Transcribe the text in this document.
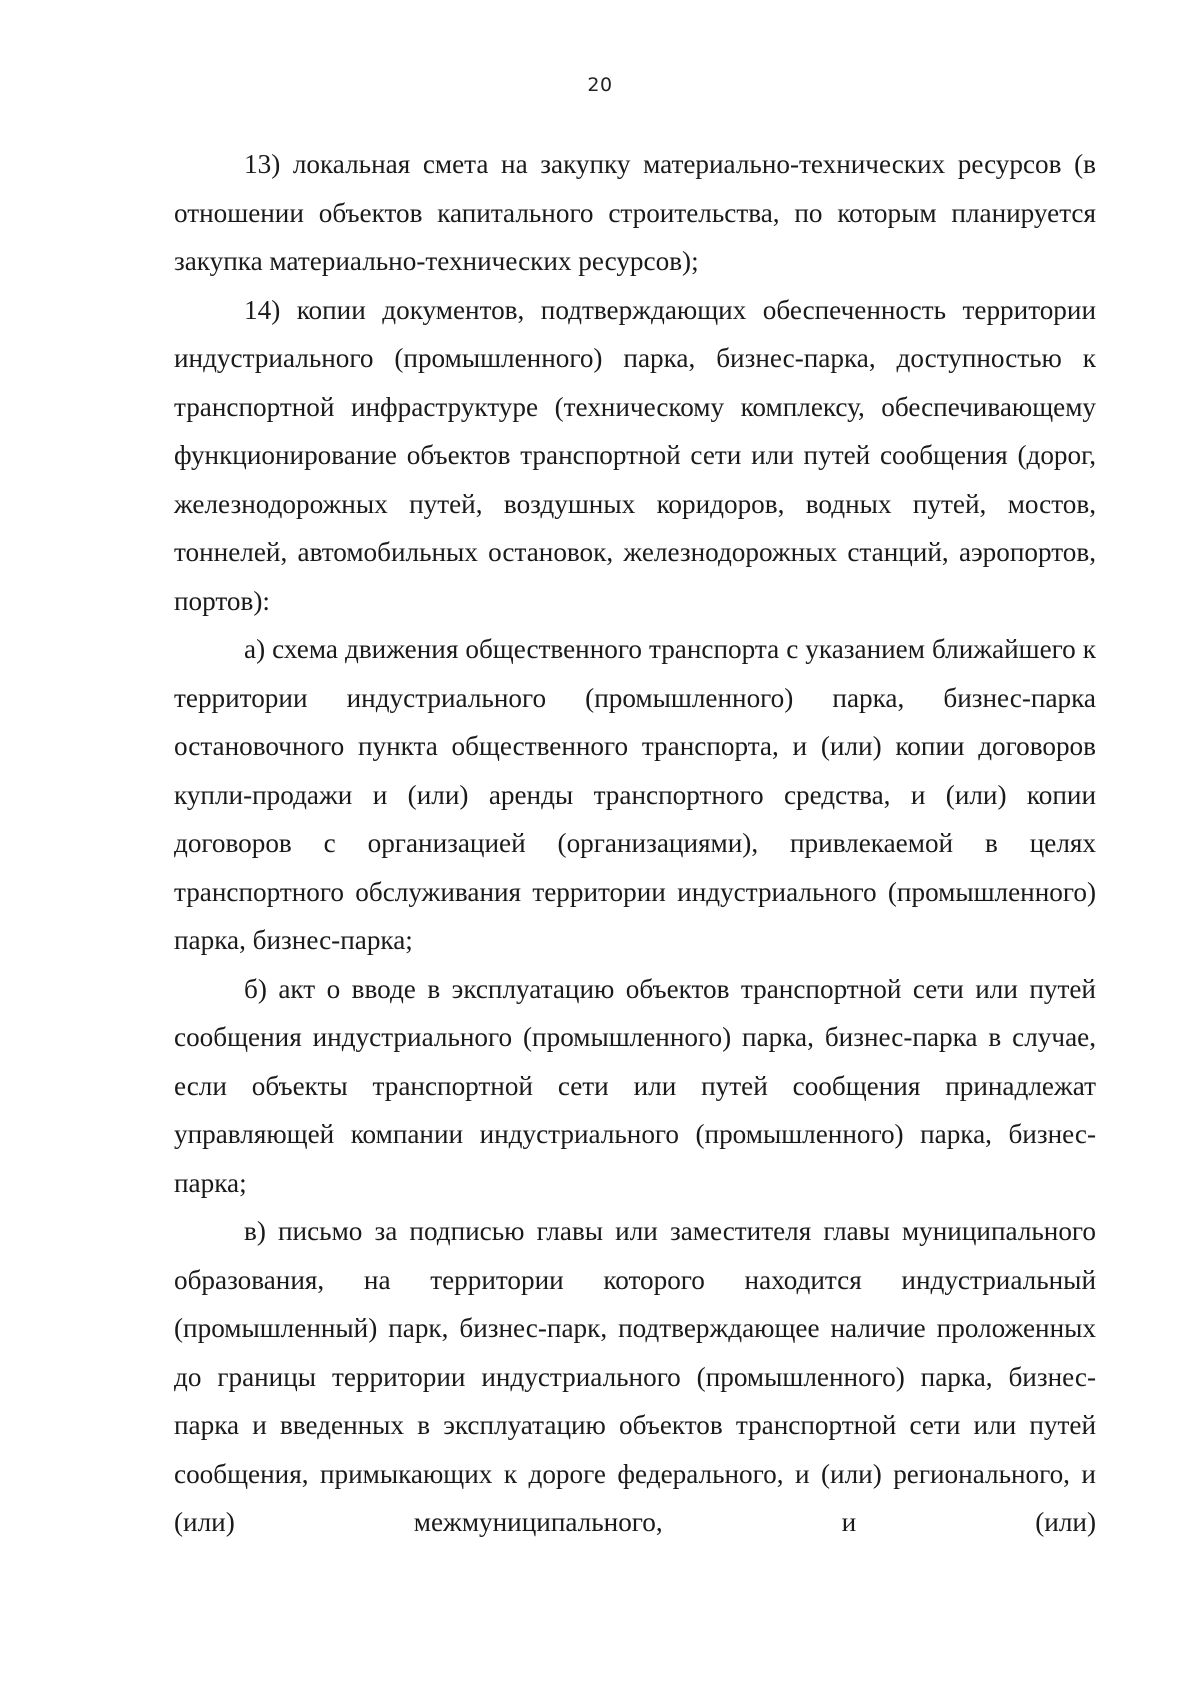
20

13) локальная смета на закупку материально-технических ресурсов (в отношении объектов капитального строительства, по которым планируется закупка материально-технических ресурсов);

14) копии документов, подтверждающих обеспеченность территории индустриального (промышленного) парка, бизнес-парка, доступностью к транспортной инфраструктуре (техническому комплексу, обеспечивающему функционирование объектов транспортной сети или путей сообщения (дорог, железнодорожных путей, воздушных коридоров, водных путей, мостов, тоннелей, автомобильных остановок, железнодорожных станций, аэропортов, портов):

а) схема движения общественного транспорта с указанием ближайшего к территории индустриального (промышленного) парка, бизнес-парка остановочного пункта общественного транспорта, и (или) копии договоров купли-продажи и (или) аренды транспортного средства, и (или) копии договоров с организацией (организациями), привлекаемой в целях транспортного обслуживания территории индустриального (промышленного) парка, бизнес-парка;

б) акт о вводе в эксплуатацию объектов транспортной сети или путей сообщения индустриального (промышленного) парка, бизнес-парка в случае, если объекты транспортной сети или путей сообщения принадлежат управляющей компании индустриального (промышленного) парка, бизнес-парка;

в) письмо за подписью главы или заместителя главы муниципального образования, на территории которого находится индустриальный (промышленный) парк, бизнес-парк, подтверждающее наличие проложенных до границы территории индустриального (промышленного) парка, бизнес-парка и введенных в эксплуатацию объектов транспортной сети или путей сообщения, примыкающих к дороге федерального, и (или) регионального, и (или) межмуниципального, и (или)
